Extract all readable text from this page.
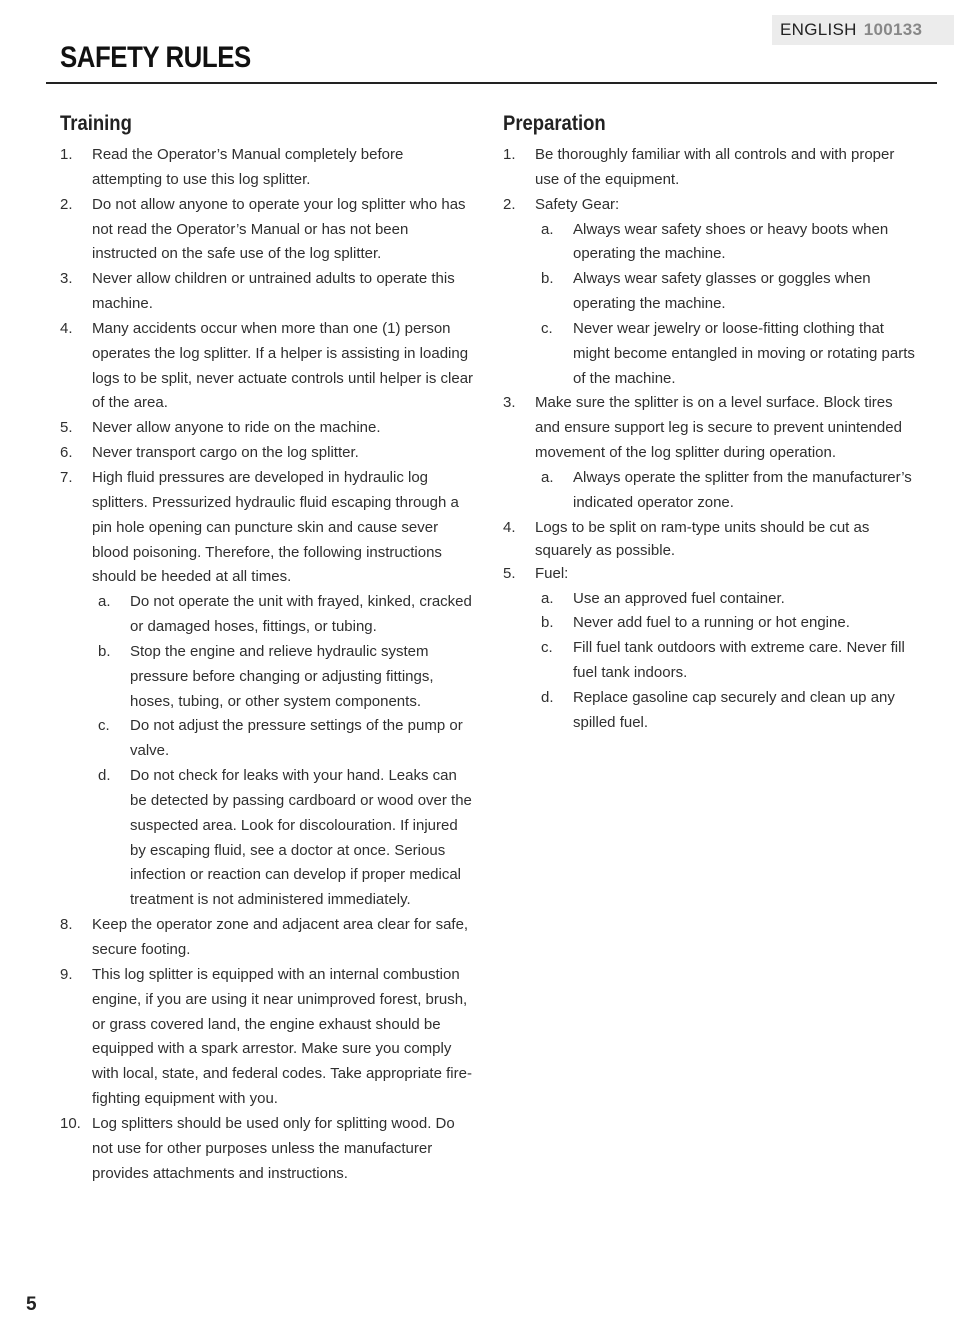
ENGLISH 100133
SAFETY RULES
Training
1.	Read the Operator’s Manual completely before attempting to use this log splitter.
2.	Do not allow anyone to operate your log splitter who has not read the Operator’s Manual or has not been instructed on the safe use of the log splitter.
3.	Never allow children or untrained adults to operate this machine.
4.	Many accidents occur when more than one (1) person operates the log splitter. If a helper is assisting in loading logs to be split, never actuate controls until helper is clear of the area.
5.	Never allow anyone to ride on the machine.
6.	Never transport cargo on the log splitter.
7.	High fluid pressures are developed in hydraulic log splitters. Pressurized hydraulic fluid escaping through a pin hole opening can puncture skin and cause sever blood poisoning. Therefore, the following instructions should be heeded at all times.
a.	Do not operate the unit with frayed, kinked, cracked or damaged hoses, fittings, or tubing.
b.	Stop the engine and relieve hydraulic system pressure before changing or adjusting fittings, hoses, tubing, or other system components.
c.	Do not adjust the pressure settings of the pump or valve.
d.	Do not check for leaks with your hand. Leaks can be detected by passing cardboard or wood over the suspected area. Look for discolouration. If injured by escaping fluid, see a doctor at once. Serious infection or reaction can develop if proper medical treatment is not administered immediately.
8.	Keep the operator zone and adjacent area clear for safe, secure footing.
9.	This log splitter is equipped with an internal combustion engine, if you are using it near unimproved forest, brush, or grass covered land, the engine exhaust should be equipped with a spark arrestor. Make sure you comply with local, state, and federal codes. Take appropriate fire-fighting equipment with you.
10. Log splitters should be used only for splitting wood. Do not use for other purposes unless the manufacturer provides attachments and instructions.
Preparation
1.	Be thoroughly familiar with all controls and with proper use of the equipment.
2.	Safety Gear:
a.	Always wear safety shoes or heavy boots when operating the machine.
b.	Always wear safety glasses or goggles when operating the machine.
c.	Never wear jewelry or loose-fitting clothing that might become entangled in moving or rotating parts of the machine.
3.	Make sure the splitter is on a level surface. Block tires and ensure support leg is secure to prevent unintended movement of the log splitter during operation.
a.	Always operate the splitter from the manufacturer’s indicated operator zone.
4.	Logs to be split on ram-type units should be cut as squarely as possible.
5.	Fuel:
a.	Use an approved fuel container.
b.	Never add fuel to a running or hot engine.
c.	Fill fuel tank outdoors with extreme care. Never fill fuel tank indoors.
d.	Replace gasoline cap securely and clean up any spilled fuel.
5
